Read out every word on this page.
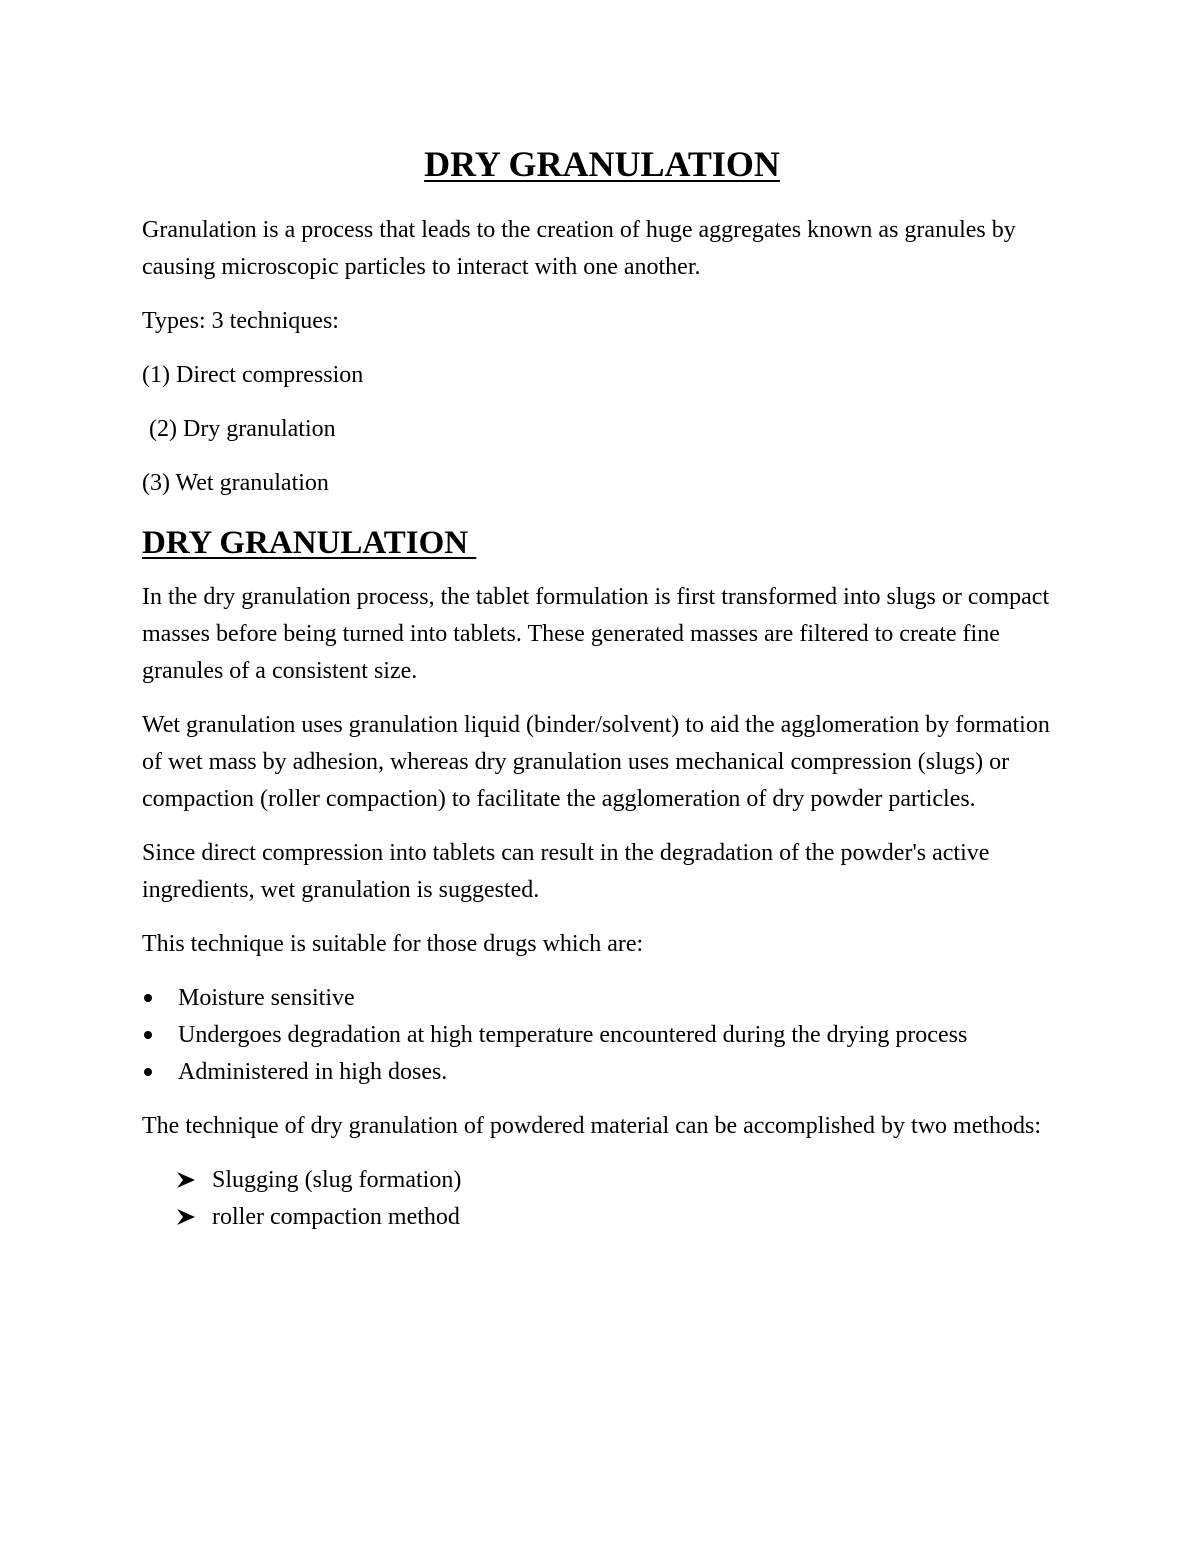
DRY GRANULATION

Granulation is a process that leads to the creation of huge aggregates known as granules by causing microscopic particles to interact with one another.

Types: 3 techniques:

(1) Direct compression

(2) Dry granulation

(3) Wet granulation

DRY GRANULATION

In the dry granulation process, the tablet formulation is first transformed into slugs or compact masses before being turned into tablets. These generated masses are filtered to create fine granules of a consistent size.

Wet granulation uses granulation liquid (binder/solvent) to aid the agglomeration by formation of wet mass by adhesion, whereas dry granulation uses mechanical compression (slugs) or compaction (roller compaction) to facilitate the agglomeration of dry powder particles.

Since direct compression into tablets can result in the degradation of the powder's active ingredients, wet granulation is suggested.

This technique is suitable for those drugs which are:

Moisture sensitive
Undergoes degradation at high temperature encountered during the drying process
Administered in high doses.

The technique of dry granulation of powdered material can be accomplished by two methods:

Slugging (slug formation)
roller compaction method
